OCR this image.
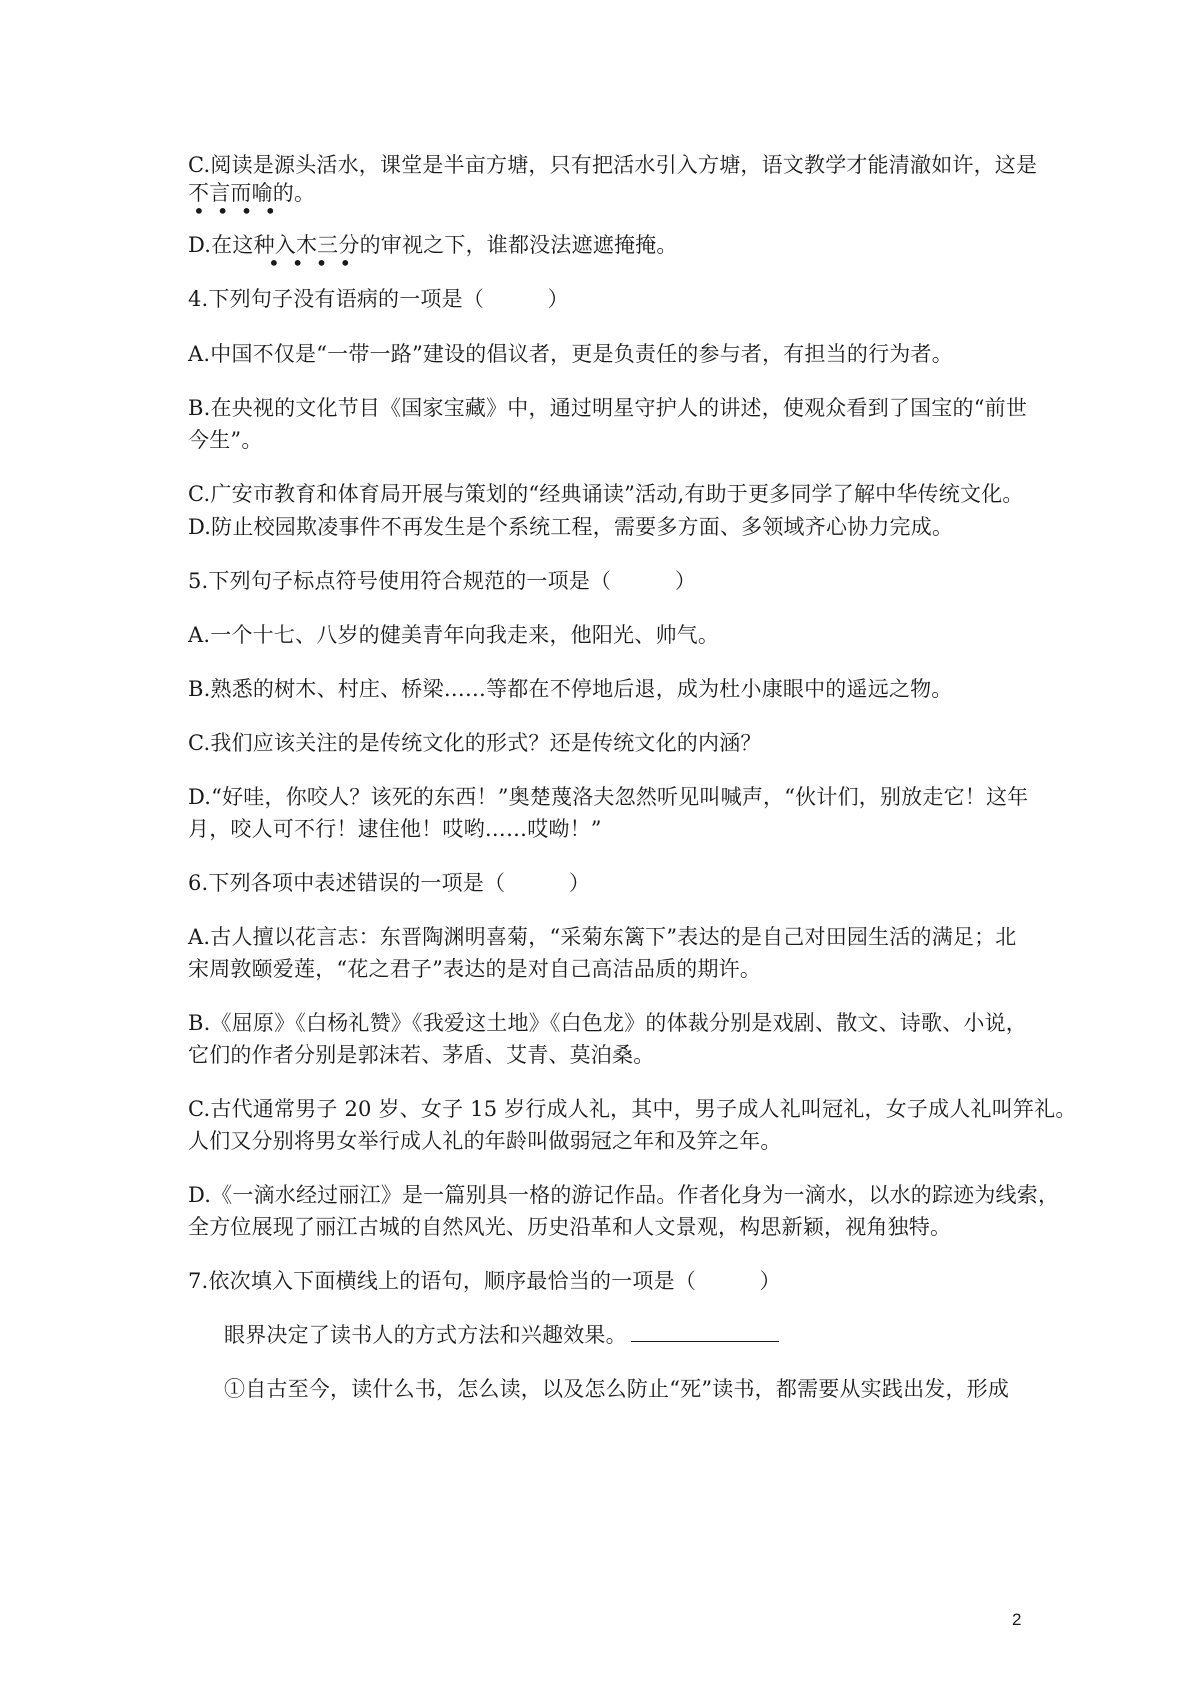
C.阅读是源头活水，课堂是半亩方塘，只有把活水引入方塘，语文教学才能清澈如许，这是
不言而喻的。
••••
D.在这种入木三分的审视之下，谁都没法遮遮掩掩。
••••
4.下列句子没有语病的一项是（　　　）
A.中国不仅是“一带一路”建设的倡议者，更是负责任的参与者，有担当的行为者。
B.在央视的文化节目《国家宝藏》中，通过明星守护人的讲述，使观众看到了国宝的“前世
今生”。
C.广安市教育和体育局开展与策划的“经典诵读”活动,有助于更多同学了解中华传统文化。
D.防止校园欺凌事件不再发生是个系统工程，需要多方面、多领域齐心协力完成。
5.下列句子标点符号使用符合规范的一项是（　　　）
A.一个十七、八岁的健美青年向我走来，他阳光、帅气。
B.熟悉的树木、村庄、桥梁……等都在不停地后退，成为杜小康眼中的遥远之物。
C.我们应该关注的是传统文化的形式？还是传统文化的内涵？
D.“好哇，你咬人？该死的东西！”奥楚蔑洛夫忽然听见叫喊声，“伙计们，别放走它！这年
月，咬人可不行！逮住他！哎哟……哎呦！”
6.下列各项中表述错误的一项是（　　　）
A.古人擅以花言志：东晋陶渊明喜菊，“采菊东篱下”表达的是自己对田园生活的满足；北
宋周敦颐爱莲，“花之君子”表达的是对自己高洁品质的期许。
B.《屈原》《白杨礼赞》《我爱这土地》《白色龙》的体裁分别是戏剧、散文、诗歌、小说，
它们的作者分别是郭沫若、茅盾、艾青、莫泊桑。
C.古代通常男子 20 岁、女子 15 岁行成人礼，其中，男子成人礼叫冠礼，女子成人礼叫笄礼。
人们又分别将男女举行成人礼的年龄叫做弱冠之年和及笄之年。
D.《一滴水经过丽江》是一篇别具一格的游记作品。作者化身为一滴水，以水的踪迹为线索，
全方位展现了丽江古城的自然风光、历史沿革和人文景观，构思新颖，视角独特。
7.依次填入下面横线上的语句，顺序最恰当的一项是（　　　）
眼界决定了读书人的方式方法和兴趣效果。
①自古至今，读什么书，怎么读，以及怎么防止“死”读书，都需要从实践出发，形成
2
